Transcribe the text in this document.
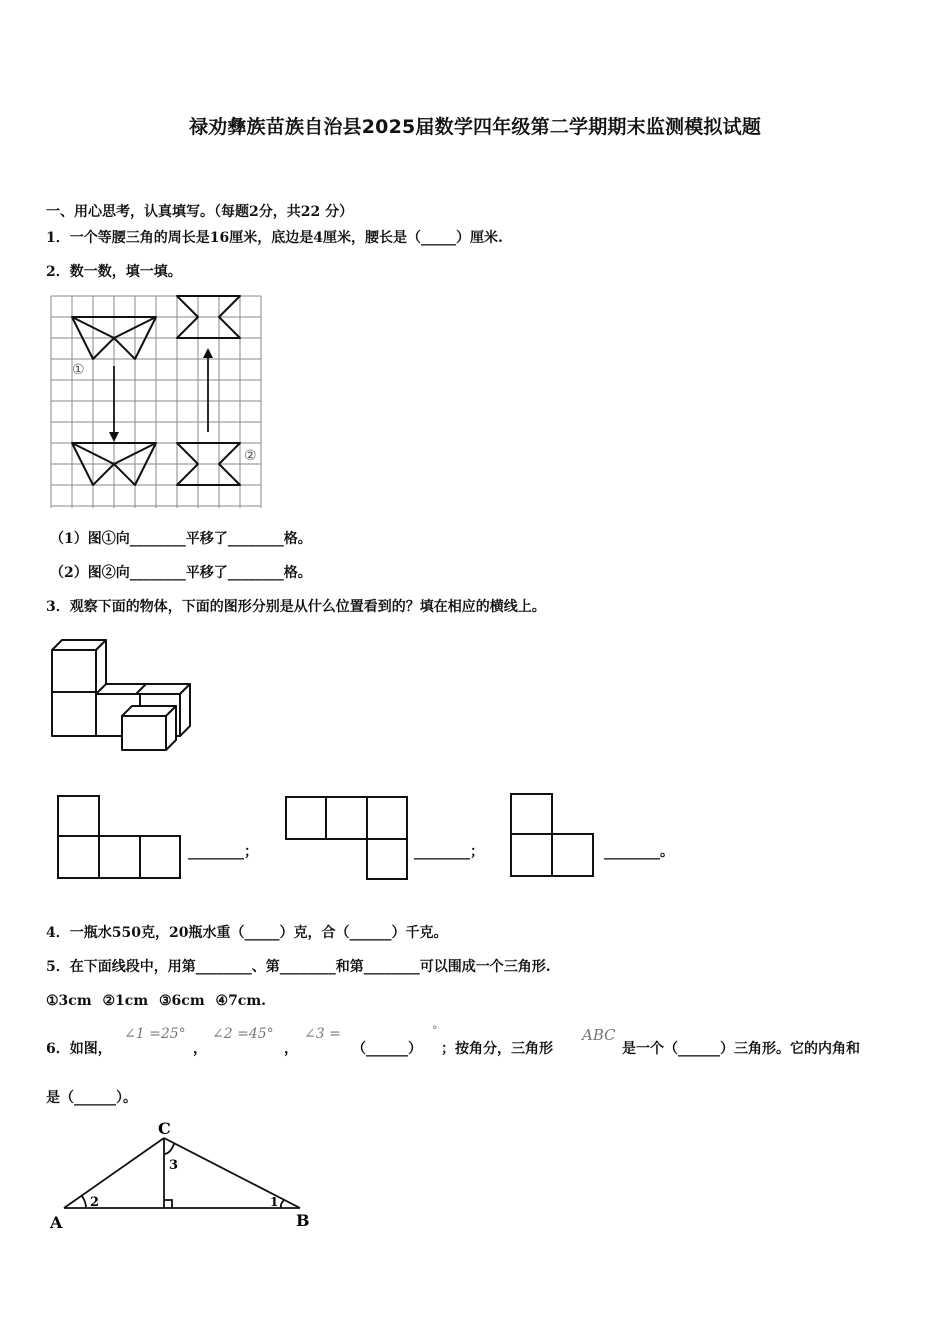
禄劝彝族苗族自治县2025届数学四年级第二学期期末监测模拟试题
一、用心思考，认真填写。（每题2分，共22 分）
1．一个等腰三角的周长是16厘米，底边是4厘米，腰长是（_____）厘米.
2．数一数，填一填。
①
②
（1）图①向________平移了________格。
（2）图②向________平移了________格。
3．观察下面的物体，下面的图形分别是从什么位置看到的？填在相应的横线上。
________；	________；	________。
4．一瓶水550克，20瓶水重（_____）克，合（______）千克。
5．在下面线段中，用第________、第________和第________可以围成一个三角形.
①3cm ②1cm ③6cm ④7cm.
6．如图，
∠1 =25°
，
∠2 =45°
，
∠3 =
（______）
°
；按角分，三角形
ABC
是一个（______）三角形。它的内角和
是（______）。
A	B
C
1
2
3
